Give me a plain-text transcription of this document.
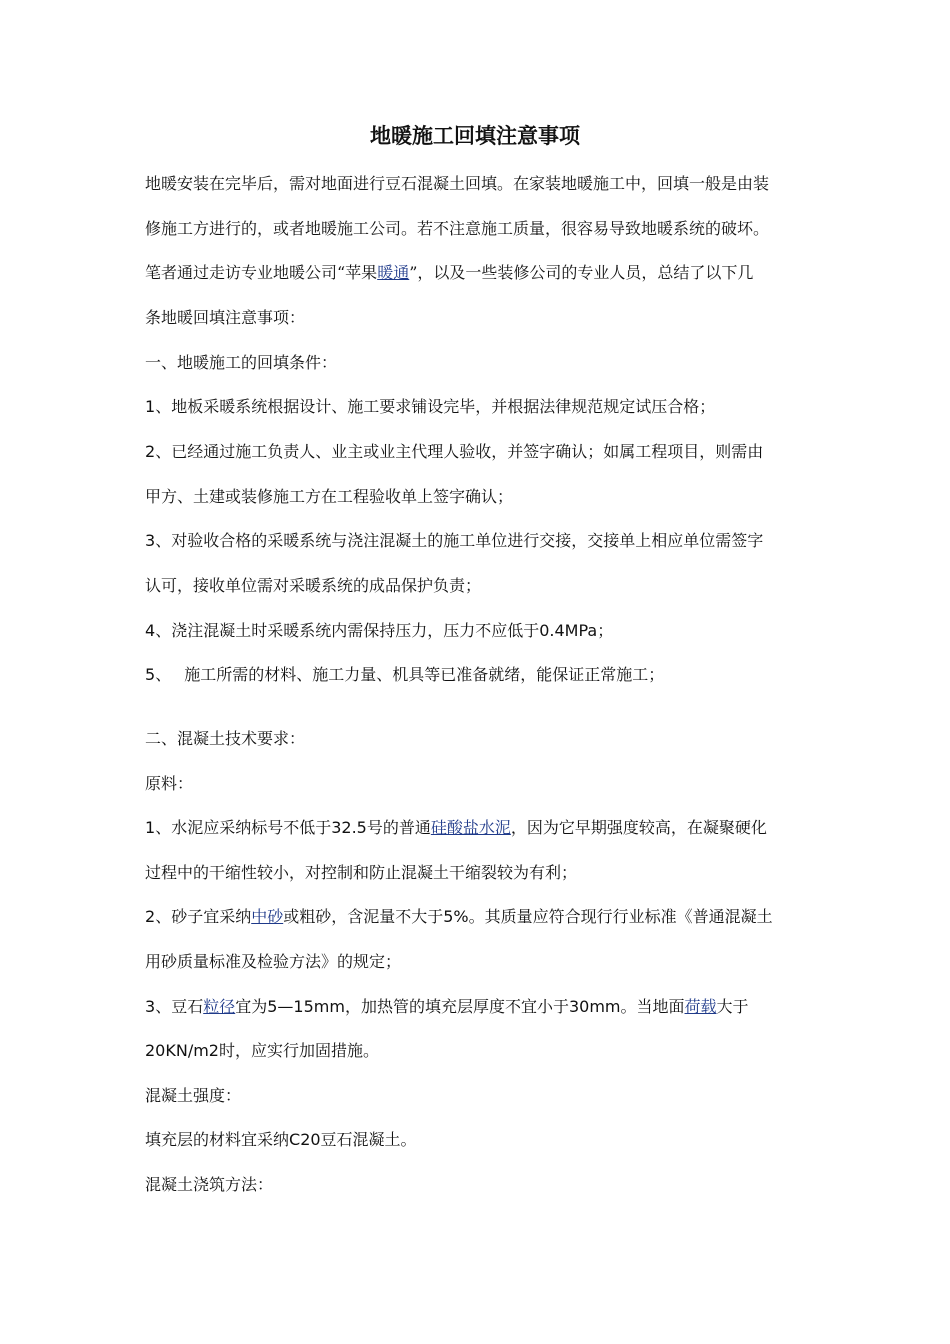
地暖施工回填注意事项

地暖安装在完毕后，需对地面进行豆石混凝土回填。在家装地暖施工中，回填一般是由装

修施工方进行的，或者地暖施工公司。若不注意施工质量，很容易导致地暖系统的破坏。

笔者通过走访专业地暖公司“苹果暖通”，以及一些装修公司的专业人员，总结了以下几

条地暖回填注意事项：

一、地暖施工的回填条件：

1、地板采暖系统根据设计、施工要求铺设完毕，并根据法律规范规定试压合格；

2、已经通过施工负责人、业主或业主代理人验收，并签字确认；如属工程项目，则需由

甲方、土建或装修施工方在工程验收单上签字确认；

3、对验收合格的采暖系统与浇注混凝土的施工单位进行交接，交接单上相应单位需签字

认可，接收单位需对采暖系统的成品保护负责；

4、浇注混凝土时采暖系统内需保持压力，压力不应低于0.4MPa；

5、　 施工所需的材料、施工力量、机具等已准备就绪，能保证正常施工；

二、混凝土技术要求：

原料：

1、水泥应采纳标号不低于32.5号的普通硅酸盐水泥，因为它早期强度较高，在凝聚硬化

过程中的干缩性较小，对控制和防止混凝土干缩裂较为有利；

2、砂子宜采纳中砂或粗砂，含泥量不大于5%。其质量应符合现行行业标准《普通混凝土

用砂质量标准及检验方法》的规定；

3、豆石粒径宜为5—15mm，加热管的填充层厚度不宜小于30mm。当地面荷载大于

20KN/m2时，应实行加固措施。

混凝土强度：

填充层的材料宜采纳C20豆石混凝土。

混凝土浇筑方法：
